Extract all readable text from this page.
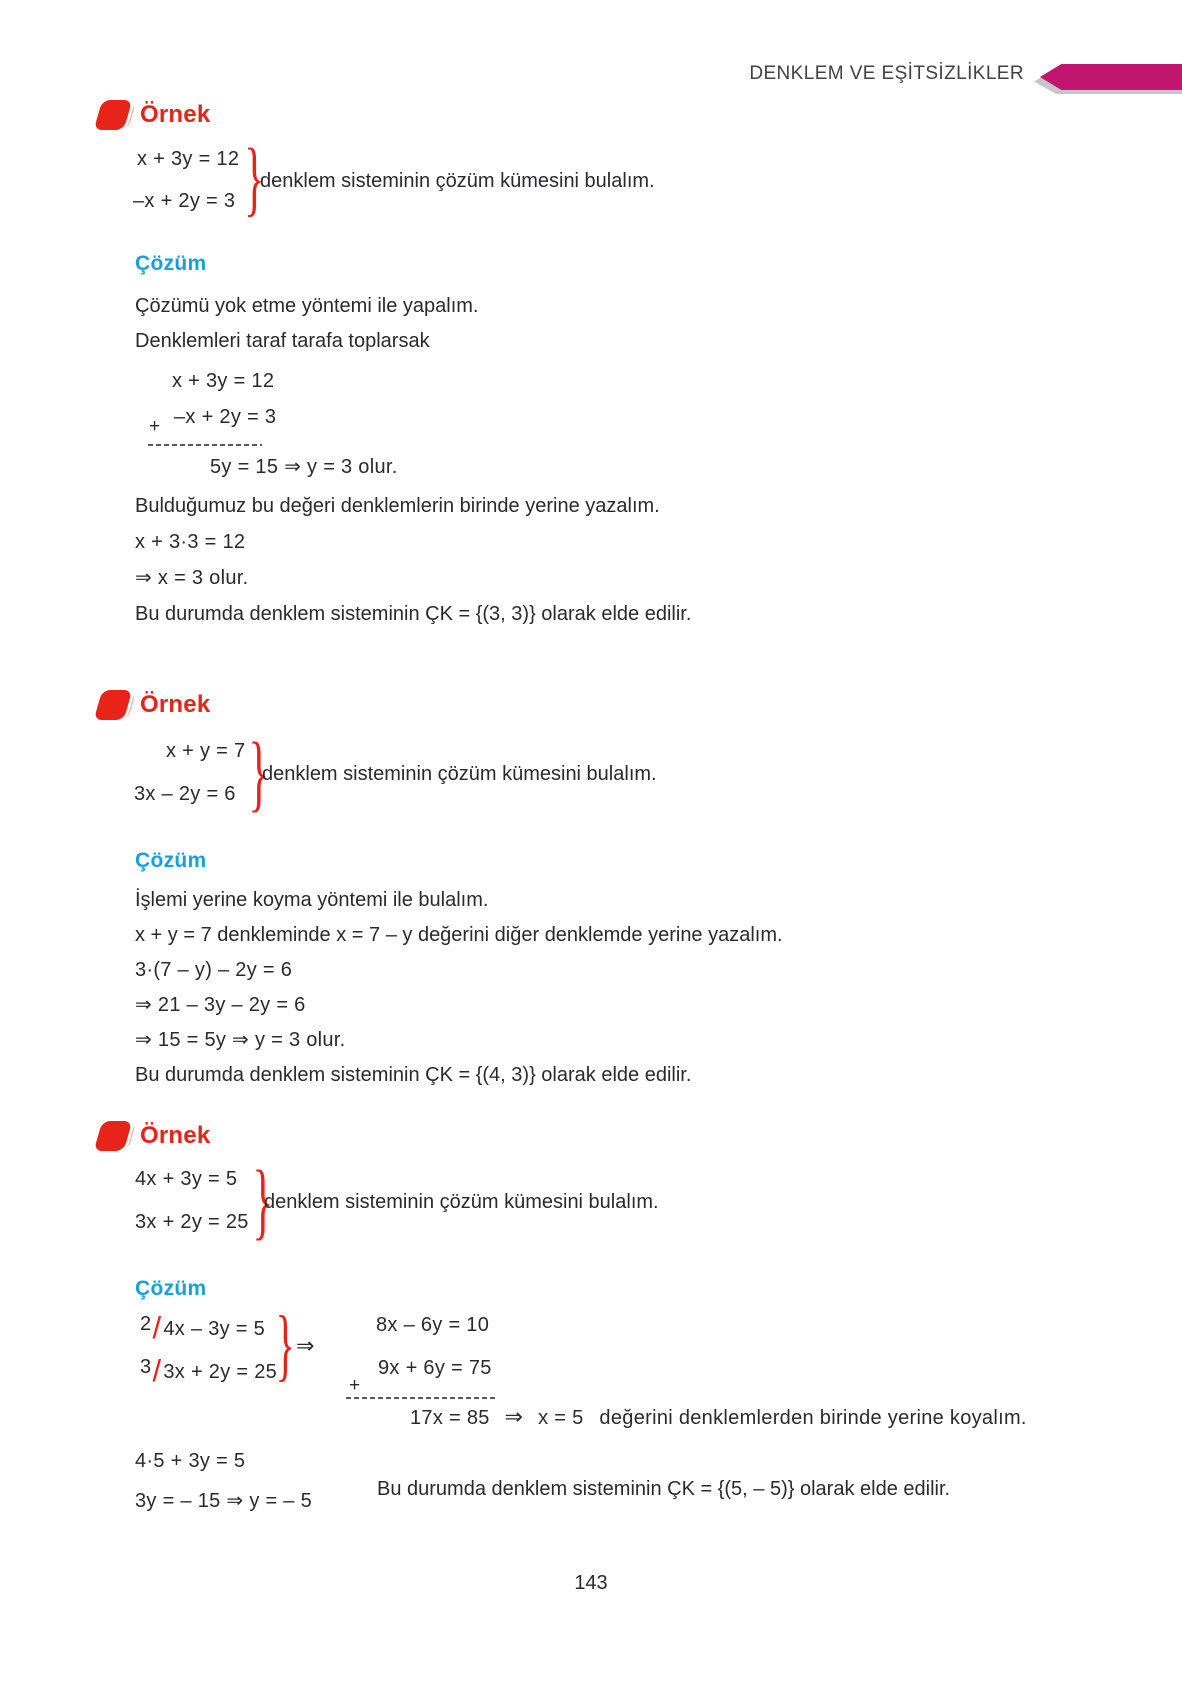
DENKLEM VE EŞİTSİZLİKLER
Örnek
x + 3y = 12
–x + 2y = 3 }
denklem sisteminin çözüm kümesini bulalım.
Çözüm
Çözümü yok etme yöntemi ile yapalım.
Denklemleri taraf tarafa toplarsak
x + 3y = 12
–x + 2y = 3
+
5y = 15 ⇒ y = 3 olur.
Bulduğumuz bu değeri denklemlerin birinde yerine yazalım.
x + 3·3 = 12
⇒ x = 3 olur.
Bu durumda denklem sisteminin ÇK = {(3, 3)} olarak elde edilir.
Örnek
x + y = 7
3x – 2y = 6 }
denklem sisteminin çözüm kümesini bulalım.
Çözüm
İşlemi yerine koyma yöntemi ile bulalım.
x + y = 7 denkleminde x = 7 – y değerini diğer denklemde yerine yazalım.
3·(7 – y) – 2y = 6
⇒ 21 – 3y – 2y = 6
⇒ 15 = 5y ⇒ y = 3 olur.
Bu durumda denklem sisteminin ÇK = {(4, 3)} olarak elde edilir.
Örnek
4x + 3y = 5
3x + 2y = 25 }
denklem sisteminin çözüm kümesini bulalım.
Çözüm
2/ 4x – 3y = 5
3/ 3x + 2y = 25
} ⇒
8x – 6y = 10
9x + 6y = 75
+
17x = 85 ⇒ x = 5 değerini denklemlerden birinde yerine koyalım.
4·5 + 3y = 5
3y = – 15 ⇒ y = – 5
Bu durumda denklem sisteminin ÇK = {(5, – 5)} olarak elde edilir.
143
